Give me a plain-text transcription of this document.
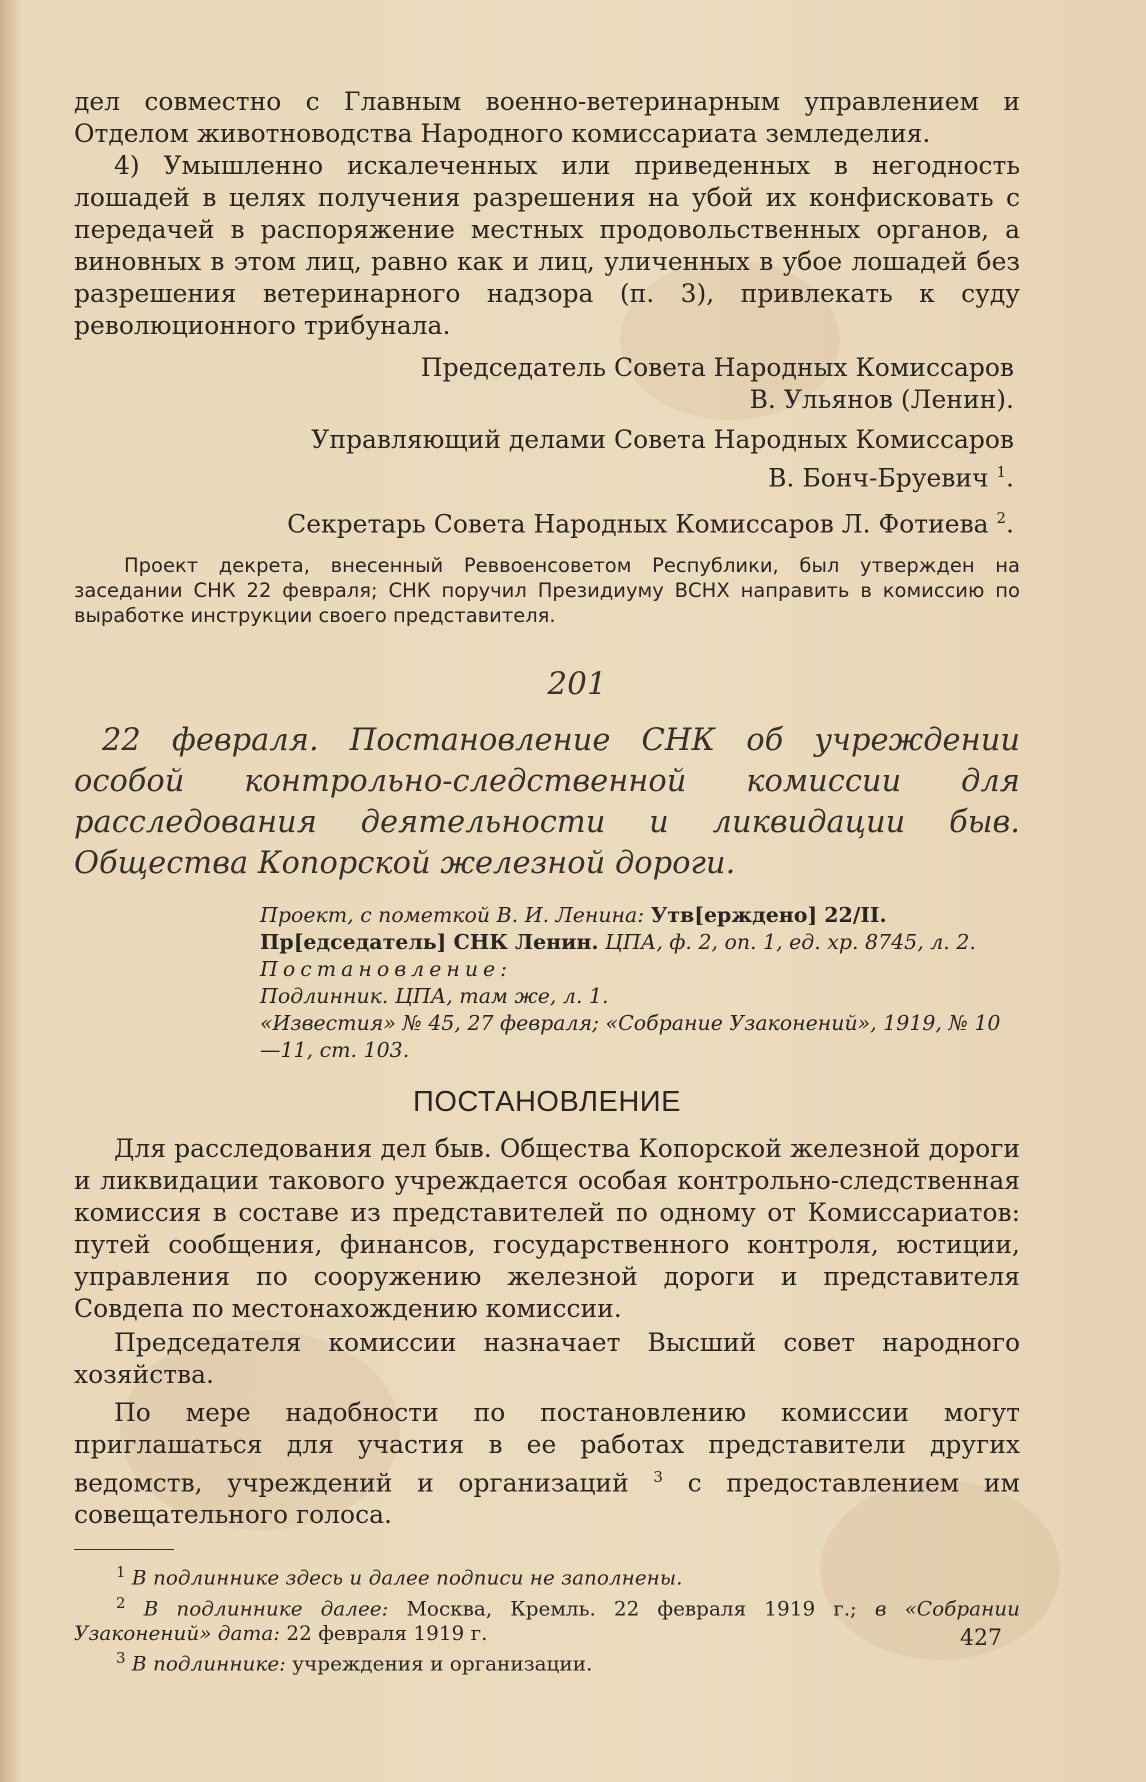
дел совместно с Главным военно-ветеринарным управлением и Отделом животноводства Народного комиссариата земледелия.

4) Умышленно искалеченных или приведенных в негодность лошадей в целях получения разрешения на убой их конфисковать с передачей в распоряжение местных продовольственных органов, а виновных в этом лиц, равно как и лиц, уличенных в убое лошадей без разрешения ветеринарного надзора (п. 3), привлекать к суду революционного трибунала.

Председатель Совета Народных Комиссаров

В. Ульянов (Ленин).

Управляющий делами Совета Народных Комиссаров

В. Бонч-Бруевич $^1$.

Секретарь Совета Народных Комиссаров Л. Фотиева $^2$.

Проект декрета, внесенный Реввоенсоветом Республики, был утвержден на заседании СНК 22 февраля; СНК поручил Президиуму ВСНХ направить в комиссию по выработке инструкции своего представителя.

201

22 февраля. Постановление СНК об учреждении особой контрольно-следственной комиссии для расследования деятельности и ликвидации быв. Общества Копорской железной дороги.

Проект, с пометкой В. И. Ленина: Утв[ерждено] 22/II. Пр[едседатель] СНК Ленин. ЦПА, ф. 2, оп. 1, ед. хр. 8745, л. 2.
Постановление:
Подлинник. ЦПА, там же, л. 1.
«Известия» № 45, 27 февраля; «Собрание Узаконений», 1919, № 10—11, ст. 103.
ПОСТАНОВЛЕНИЕ

Для расследования дел быв. Общества Копорской железной дороги и ликвидации такового учреждается особая контрольно-следственная комиссия в составе из представителей по одному от Комиссариатов: путей сообщения, финансов, государственного контроля, юстиции, управления по сооружению железной дороги и представителя Совдепа по местонахождению комиссии.

Председателя комиссии назначает Высший совет народного хозяйства.

По мере надобности по постановлению комиссии могут приглашаться для участия в ее работах представители других ведомств, учреждений и организаций $^3$ с предоставлением им совещательного голоса.

$^1$ В подлиннике здесь и далее подписи не заполнены.

$^2$ В подлиннике далее: Москва, Кремль. 22 февраля 1919 г.; в «Собрании Узаконений» дата: 22 февраля 1919 г.

$^3$ В подлиннике: учреждения и организации.

427
